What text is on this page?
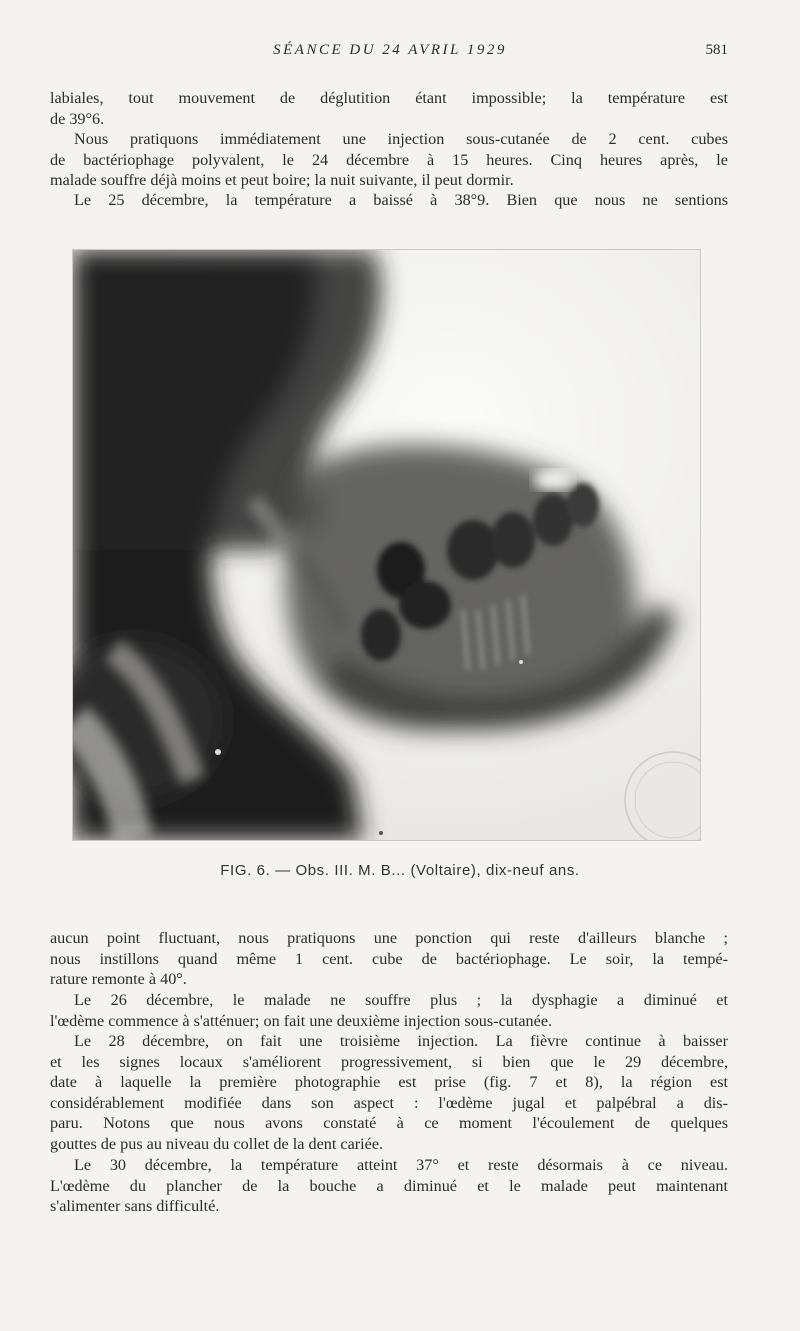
SÉANCE DU 24 AVRIL 1929	581
labiales, tout mouvement de déglutition étant impossible; la température est
de 39°6.
Nous pratiquons immédiatement une injection sous-cutanée de 2 cent. cubes
de bactériophage polyvalent, le 24 décembre à 15 heures. Cinq heures après, le
malade souffre déjà moins et peut boire; la nuit suivante, il peut dormir.
Le 25 décembre, la température a baissé à 38°9. Bien que nous ne sentions
FIG. 6. — Obs. III. M. B... (Voltaire), dix-neuf ans.
aucun point fluctuant, nous pratiquons une ponction qui reste d'ailleurs blanche ;
nous instillons quand même 1 cent. cube de bactériophage. Le soir, la tempé-
rature remonte à 40°.
Le 26 décembre, le malade ne souffre plus ; la dysphagie a diminué et
l'œdème commence à s'atténuer; on fait une deuxième injection sous-cutanée.
Le 28 décembre, on fait une troisième injection. La fièvre continue à baisser
et les signes locaux s'améliorent progressivement, si bien que le 29 décembre,
date à laquelle la première photographie est prise (fig. 7 et 8), la région est
considérablement modifiée dans son aspect : l'œdème jugal et palpébral a dis-
paru. Notons que nous avons constaté à ce moment l'écoulement de quelques
gouttes de pus au niveau du collet de la dent cariée.
Le 30 décembre, la température atteint 37° et reste désormais à ce niveau.
L'œdème du plancher de la bouche a diminué et le malade peut maintenant
s'alimenter sans difficulté.
